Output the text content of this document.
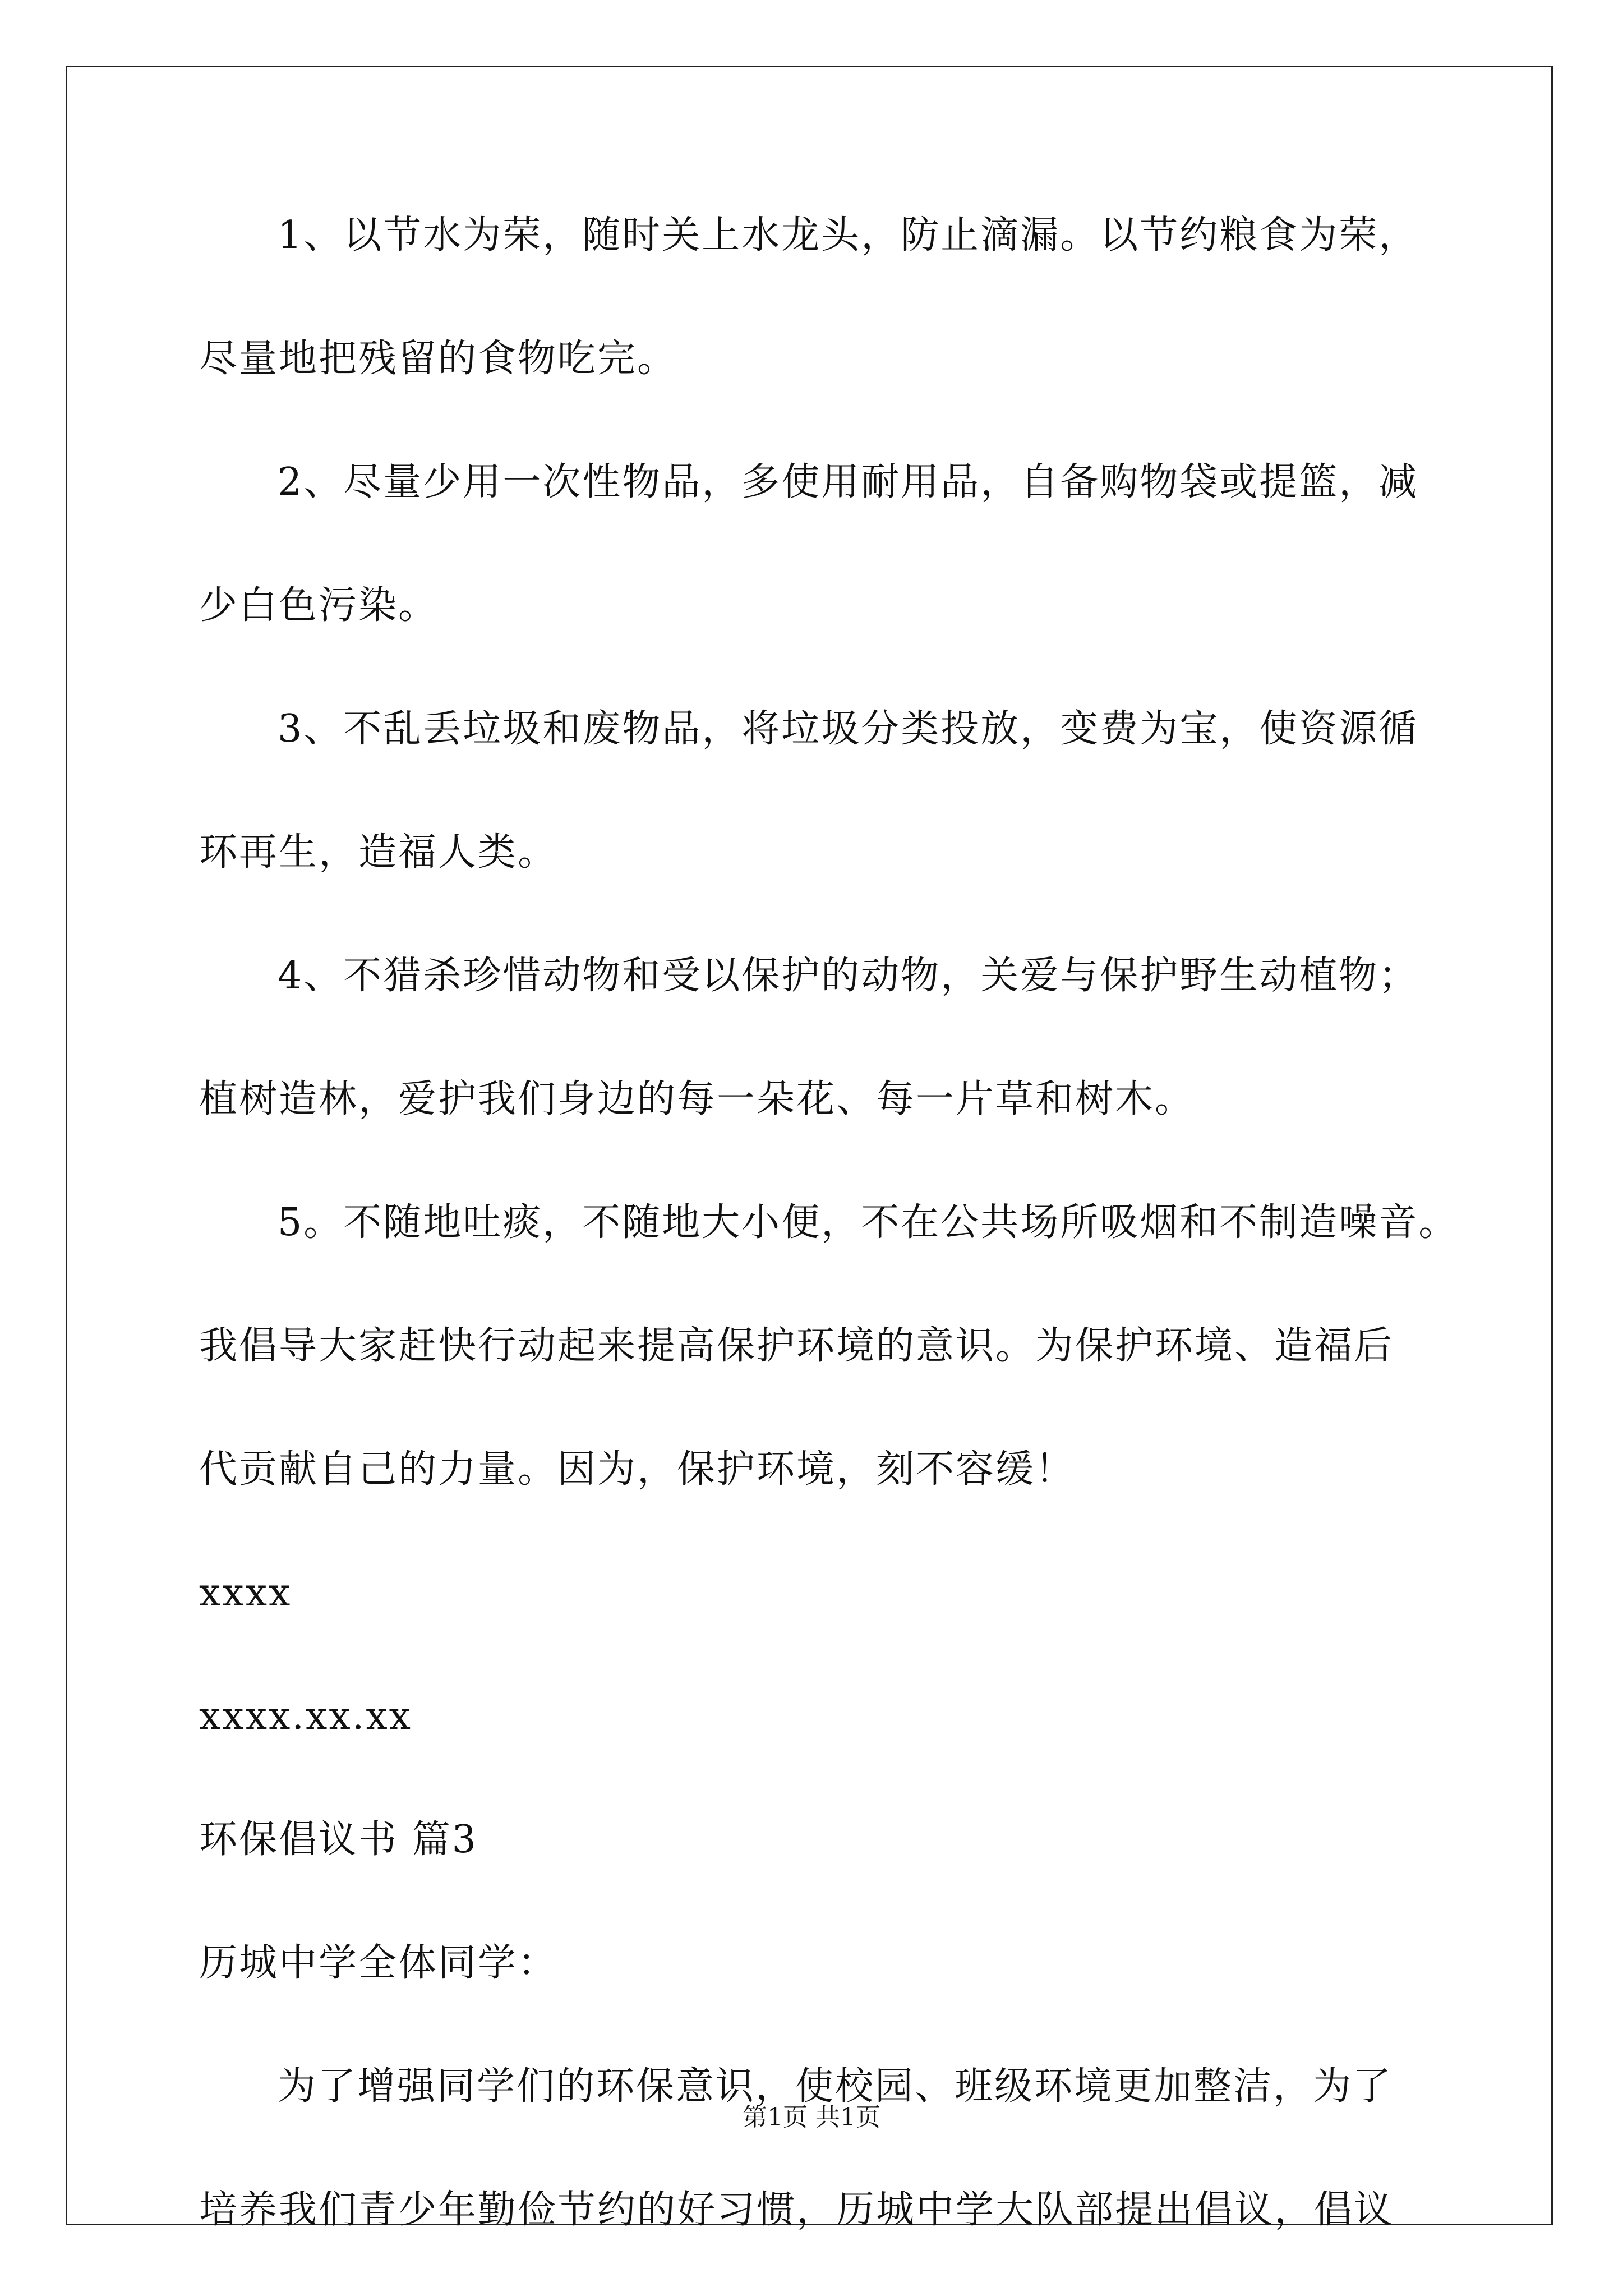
1、以节水为荣，随时关上水龙头，防止滴漏。以节约粮食为荣，
尽量地把残留的食物吃完。
2、尽量少用一次性物品，多使用耐用品，自备购物袋或提篮，减
少白色污染。
3、不乱丢垃圾和废物品，将垃圾分类投放，变费为宝，使资源循
环再生，造福人类。
4、不猎杀珍惜动物和受以保护的动物，关爱与保护野生动植物；
植树造林，爱护我们身边的每一朵花、每一片草和树木。
5。不随地吐痰，不随地大小便，不在公共场所吸烟和不制造噪音。
我倡导大家赶快行动起来提高保护环境的意识。为保护环境、造福后
代贡献自己的力量。因为，保护环境，刻不容缓！
xxxx
xxxx.xx.xx
环保倡议书 篇3
历城中学全体同学：
为了增强同学们的环保意识，使校园、班级环境更加整洁，为了
培养我们青少年勤俭节约的好习惯，历城中学大队部提出倡议，倡议
第1页 共1页
